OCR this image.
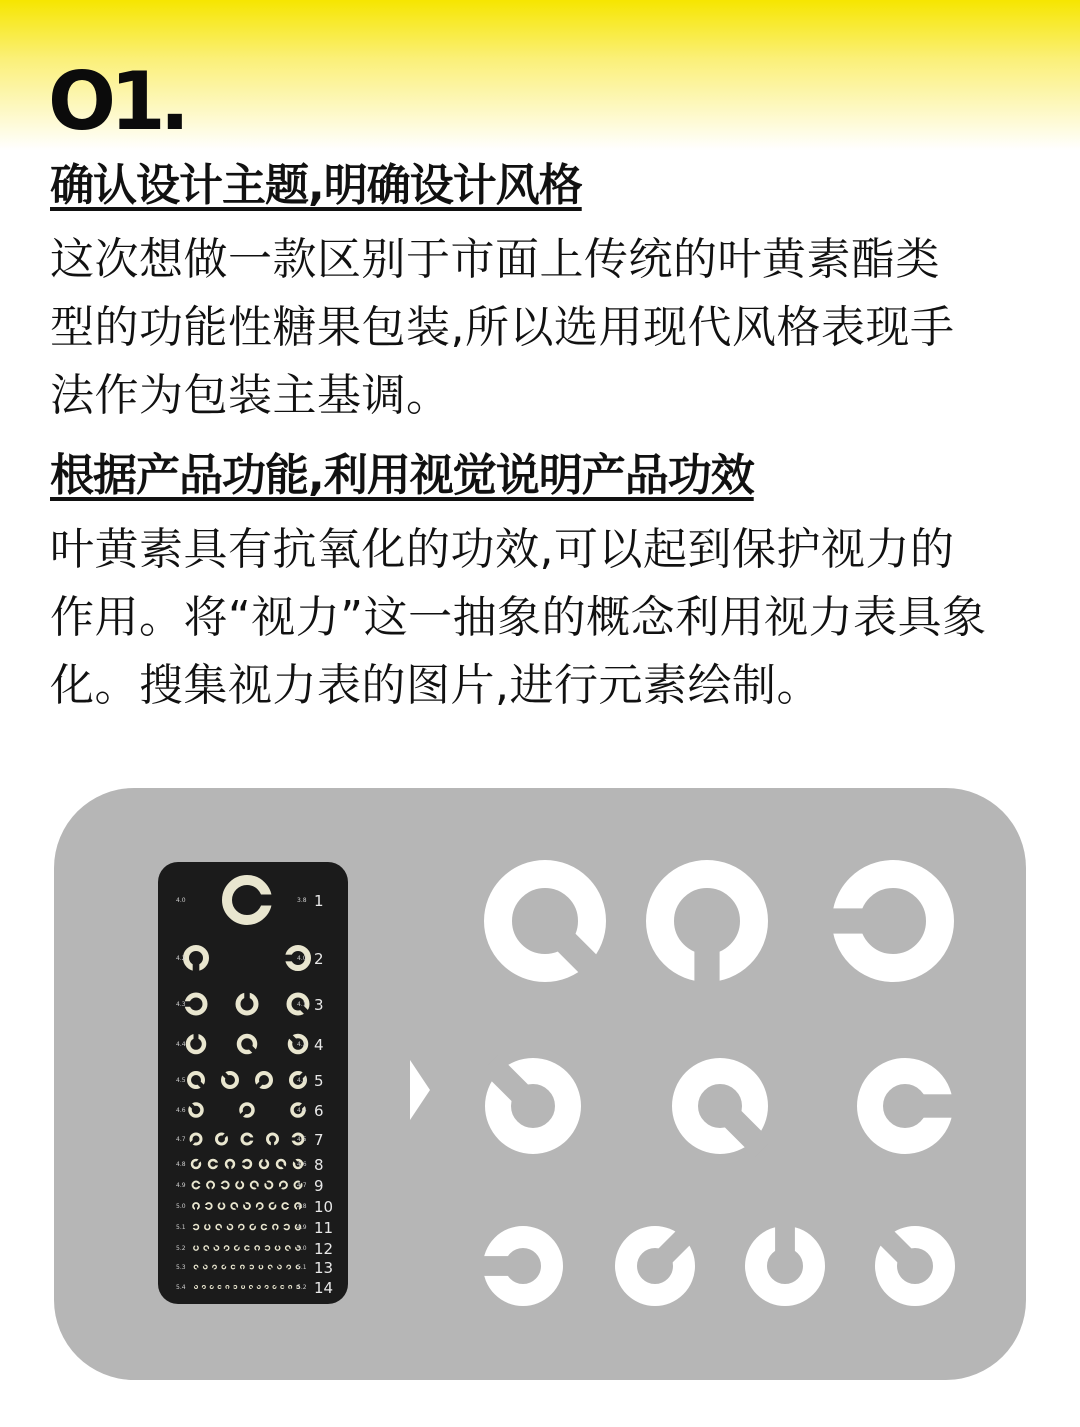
O1.
确认设计主题,明确设计风格
这次想做一款区别于市面上传统的叶黄素酯类
型的功能性糖果包装,所以选用现代风格表现手
法作为包装主基调。
根据产品功能,利用视觉说明产品功效
叶黄素具有抗氧化的功效,可以起到保护视力的
作用。将“视力”这一抽象的概念利用视力表具象
化。搜集视力表的图片,进行元素绘制。
4.0	3.8 1
4.2	4.0 2
4.3	4.1 3
4.4	4.2 4
4.5	4.3 5
4.6	4.4 6
4.7	4.5 7
4.8	4.6 8
4.9	4.7 9
5.0	4.8 10
5.1	4.9 11
5.2	5.0 12
5.3	5.1 13
5.4	5.2 14
